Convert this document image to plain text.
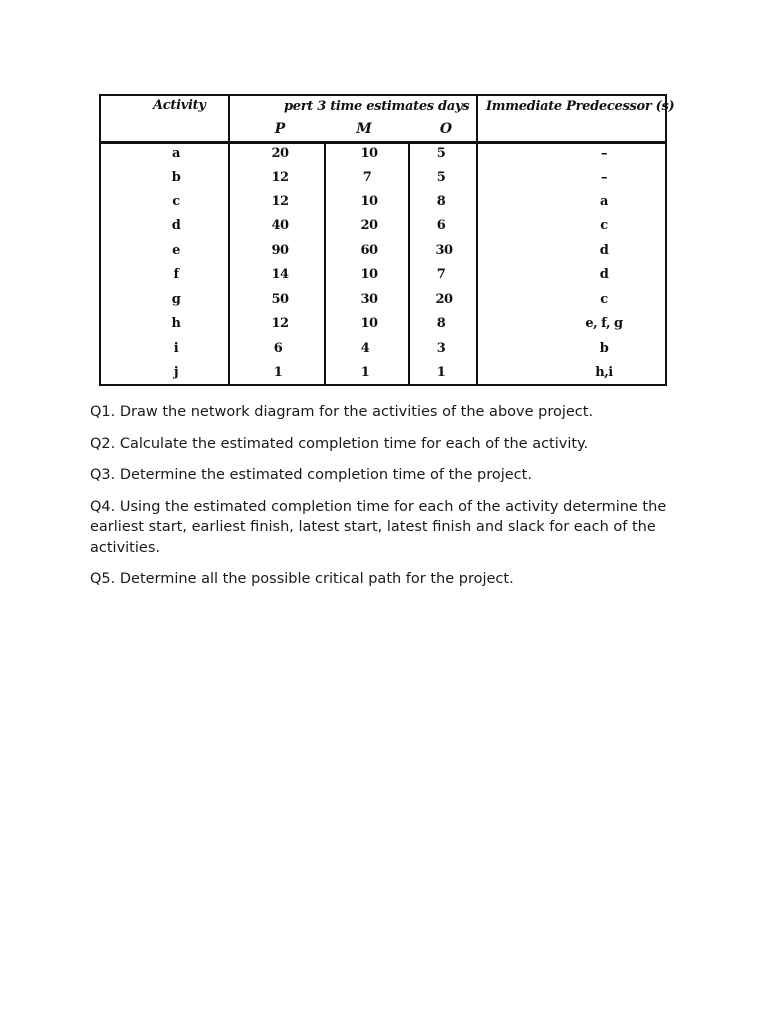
Activity	pert 3 time estimates days Immediate Predecessor (s)
P	M	O
a	20	10	5	–
b	12	7	5	–
c	12	10	8	a
d	40	20	6	c
e	90	60	30	d
f	14	10	7	d
g	50	30	20	c
h	12	10	8	e, f, g
i	6	4	3	b
j	1	1	1	h,i

Q1. Draw the network diagram for the activities of the above project.

Q2. Calculate the estimated completion time for each of the activity.

Q3. Determine the estimated completion time of the project.

Q4. Using the estimated completion time for each of the activity determine the earliest start, earliest finish, latest start, latest finish and slack for each of the activities.

Q5. Determine all the possible critical path for the project.
